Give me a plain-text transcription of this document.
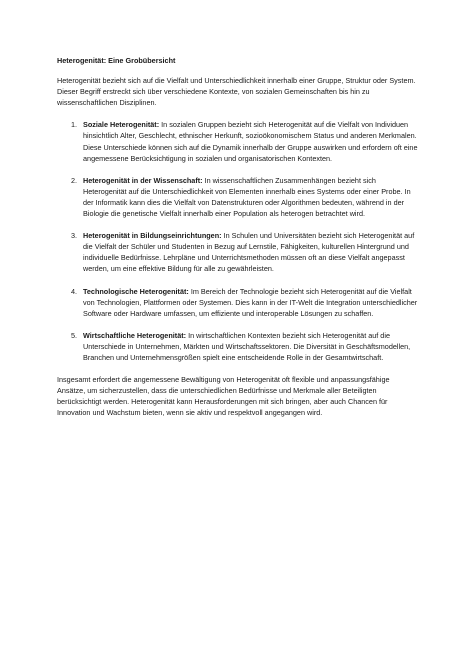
Heterogenität: Eine Grobübersicht

Heterogenität bezieht sich auf die Vielfalt und Unterschiedlichkeit innerhalb einer Gruppe, Struktur oder System. Dieser Begriff erstreckt sich über verschiedene Kontexte, von sozialen Gemeinschaften bis hin zu wissenschaftlichen Disziplinen.

1. Soziale Heterogenität: In sozialen Gruppen bezieht sich Heterogenität auf die Vielfalt von Individuen hinsichtlich Alter, Geschlecht, ethnischer Herkunft, sozioökonomischem Status und anderen Merkmalen. Diese Unterschiede können sich auf die Dynamik innerhalb der Gruppe auswirken und erfordern oft eine angemessene Berücksichtigung in sozialen und organisatorischen Kontexten.
2. Heterogenität in der Wissenschaft: In wissenschaftlichen Zusammenhängen bezieht sich Heterogenität auf die Unterschiedlichkeit von Elementen innerhalb eines Systems oder einer Probe. In der Informatik kann dies die Vielfalt von Datenstrukturen oder Algorithmen bedeuten, während in der Biologie die genetische Vielfalt innerhalb einer Population als heterogen betrachtet wird.
3. Heterogenität in Bildungseinrichtungen: In Schulen und Universitäten bezieht sich Heterogenität auf die Vielfalt der Schüler und Studenten in Bezug auf Lernstile, Fähigkeiten, kulturellen Hintergrund und individuelle Bedürfnisse. Lehrpläne und Unterrichtsmethoden müssen oft an diese Vielfalt angepasst werden, um eine effektive Bildung für alle zu gewährleisten.
4. Technologische Heterogenität: Im Bereich der Technologie bezieht sich Heterogenität auf die Vielfalt von Technologien, Plattformen oder Systemen. Dies kann in der IT-Welt die Integration unterschiedlicher Software oder Hardware umfassen, um effiziente und interoperable Lösungen zu schaffen.
5. Wirtschaftliche Heterogenität: In wirtschaftlichen Kontexten bezieht sich Heterogenität auf die Unterschiede in Unternehmen, Märkten und Wirtschaftssektoren. Die Diversität in Geschäftsmodellen, Branchen und Unternehmensgrößen spielt eine entscheidende Rolle in der Gesamtwirtschaft.

Insgesamt erfordert die angemessene Bewältigung von Heterogenität oft flexible und anpassungsfähige Ansätze, um sicherzustellen, dass die unterschiedlichen Bedürfnisse und Merkmale aller Beteiligten berücksichtigt werden. Heterogenität kann Herausforderungen mit sich bringen, aber auch Chancen für Innovation und Wachstum bieten, wenn sie aktiv und respektvoll angegangen wird.
